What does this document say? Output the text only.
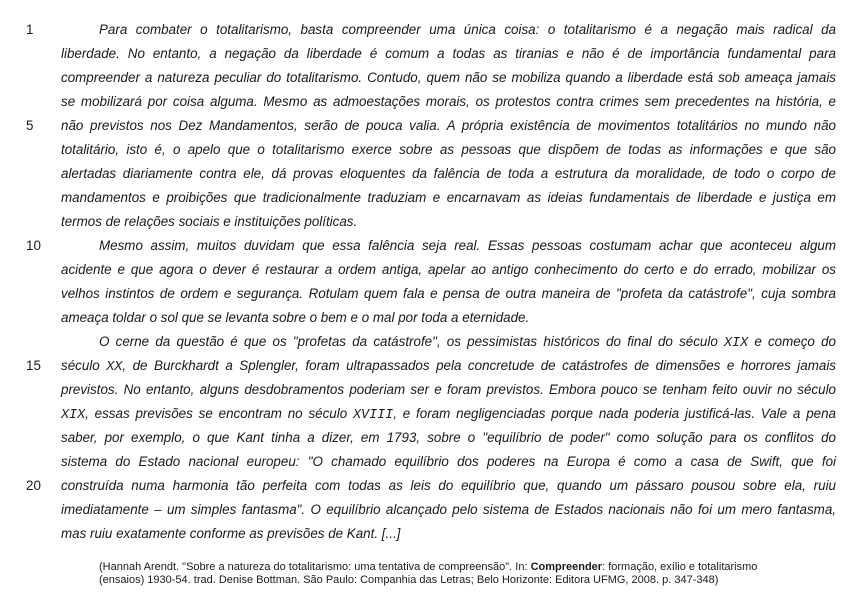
1
5
10
15
20
Para combater o totalitarismo, basta compreender uma única coisa: o totalitarismo é a negação mais radical da
liberdade. No entanto, a negação da liberdade é comum a todas as tiranias e não é de importância fundamental para
compreender a natureza peculiar do totalitarismo. Contudo, quem não se mobiliza quando a liberdade está sob ameaça jamais
se mobilizará por coisa alguma. Mesmo as admoestações morais, os protestos contra crimes sem precedentes na história, e
não previstos nos Dez Mandamentos, serão de pouca valia. A própria existência de movimentos totalitários no mundo não
totalitário, isto é, o apelo que o totalitarismo exerce sobre as pessoas que dispõem de todas as informações e que são
alertadas diariamente contra ele, dá provas eloquentes da falência de toda a estrutura da moralidade, de todo o corpo de
mandamentos e proibições que tradicionalmente traduziam e encarnavam as ideias fundamentais de liberdade e justiça em
termos de relações sociais e instituições políticas.
Mesmo assim, muitos duvidam que essa falência seja real. Essas pessoas costumam achar que aconteceu algum
acidente e que agora o dever é restaurar a ordem antiga, apelar ao antigo conhecimento do certo e do errado, mobilizar os
velhos instintos de ordem e segurança. Rotulam quem fala e pensa de outra maneira de "profeta da catástrofe", cuja sombra
ameaça toldar o sol que se levanta sobre o bem e o mal por toda a eternidade.
O cerne da questão é que os "profetas da catástrofe", os pessimistas históricos do final do século XIX e começo do
século XX, de Burckhardt a Splengler, foram ultrapassados pela concretude de catástrofes de dimensões e horrores jamais
previstos. No entanto, alguns desdobramentos poderiam ser e foram previstos. Embora pouco se tenham feito ouvir no século
XIX, essas previsões se encontram no século XVIII, e foram negligenciadas porque nada poderia justificá-las. Vale a pena
saber, por exemplo, o que Kant tinha a dizer, em 1793, sobre o "equilíbrio de poder" como solução para os conflitos do
sistema do Estado nacional europeu: "O chamado equilíbrio dos poderes na Europa é como a casa de Swift, que foi
construída numa harmonia tão perfeita com todas as leis do equilíbrio que, quando um pássaro pousou sobre ela, ruiu
imediatamente – um simples fantasma". O equilíbrio alcançado pelo sistema de Estados nacionais não foi um mero fantasma,
mas ruiu exatamente conforme as previsões de Kant. [...]
(Hannah Arendt. "Sobre a natureza do totalitarismo: uma tentativa de compreensão". In: Compreender: formação, exílio e totalitarismo
(ensaios) 1930-54. trad. Denise Bottman. São Paulo: Companhia das Letras; Belo Horizonte: Editora UFMG, 2008. p. 347-348)
